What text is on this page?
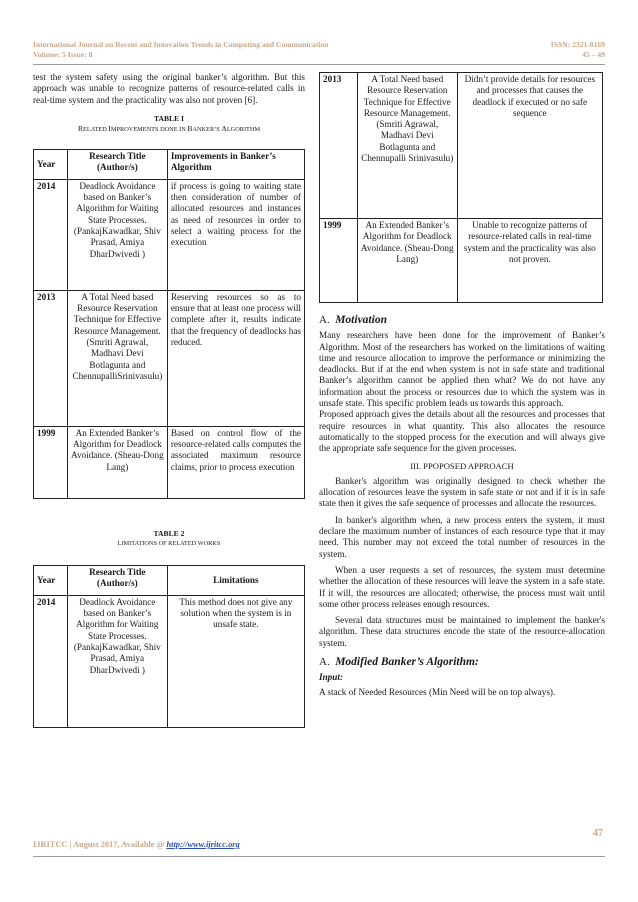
International Journal on Recent and Innovation Trends in Computing and Communication
Volume: 5 Issue: 8
ISSN: 2321-8169
45 – 49

test the system safety using the original banker’s algorithm. But this approach was unable to recognize patterns of resource-related calls in real-time system and the practicality was also not proven [6].

TABLE I
RELATED IMPROVEMENTS DONE IN BANKER’S ALGORITHM
Year	Research Title (Author/s)	Improvements in Banker’s Algorithm
2014	Deadlock Avoidance based on Banker’s Algorithm for Waiting State Processes. (PankajKawadkar, Shiv Prasad, Amiya DharDwivedi )	if process is going to waiting state then consideration of number of allocated resources and instances as need of resources in order to select a waiting process for the execution
2013	A Total Need based Resource Reservation Technique for Effective Resource Management. (Smriti Agrawal, Madhavi Devi Botlagunta and ChennupalliSrinivasulu)	Reserving resources so as to ensure that at least one process will complete after it, results indicate that the frequency of deadlocks has reduced.
1999	An Extended Banker’s Algorithm for Deadlock Avoidance. (Sheau-Dong Lang)	Based on control flow of the resource-related calls computes the associated maximum resource claims, prior to process execution
TABLE 2
LIMITATIONS OF RELATED WORKS
Year	Research Title (Author/s)	Limitations
2014	Deadlock Avoidance based on Banker’s Algorithm for Waiting State Processes. (PankajKawadkar, Shiv Prasad, Amiya DharDwivedi )	This method does not give any solution when the system is in unsafe state.
2013	A Total Need based Resource Reservation Technique for Effective Resource Management. (Smriti Agrawal, Madhavi Devi Botlagunta and Chennupalli Srinivasulu)	Didn’t provide details for resources and processes that causes the deadlock if executed or no safe sequence
1999	An Extended Banker’s Algorithm for Deadlock Avoidance. (Sheau-Dong Lang)	Unable to recognize patterns of resource-related calls in real-time system and the practicality was also not proven.
A. Motivation

Many researchers have been done for the improvement of Banker’s Algorithm. Most of the researchers has worked on the limitations of waiting time and resource allocation to improve the performance or minimizing the deadlocks. But if at the end when system is not in safe state and traditional Banker’s algorithm cannot be applied then what? We do not have any information about the process or resources due to which the system was in unsafe state. This specific problem leads us towards this approach.

Proposed approach gives the details about all the resources and processes that require resources in what quantity. This also allocates the resource automatically to the stopped process for the execution and will always give the appropriate safe sequence for the given processes.

III. PPOPOSED APPROACH

Banker's algorithm was originally designed to check whether the allocation of resources leave the system in safe state or not and if it is in safe state then it gives the safe sequence of processes and allocate the resources.

In banker's algorithm when, a new process enters the system, it must declare the maximum number of instances of each resource type that it may need. This number may not exceed the total number of resources in the system.

When a user requests a set of resources, the system must determine whether the allocation of these resources will leave the system in a safe state. If it will, the resources are allocated; otherwise, the process must wait until some other process releases enough resources.

Several data structures must be maintained to implement the banker's algorithm. These data structures encode the state of the resource-allocation system.

A. Modified Banker’s Algorithm:

Input:

A stack of Needed Resources (Min Need will be on top always).

47
IJRITCC | August 2017, Available @ http://www.ijritcc.org
